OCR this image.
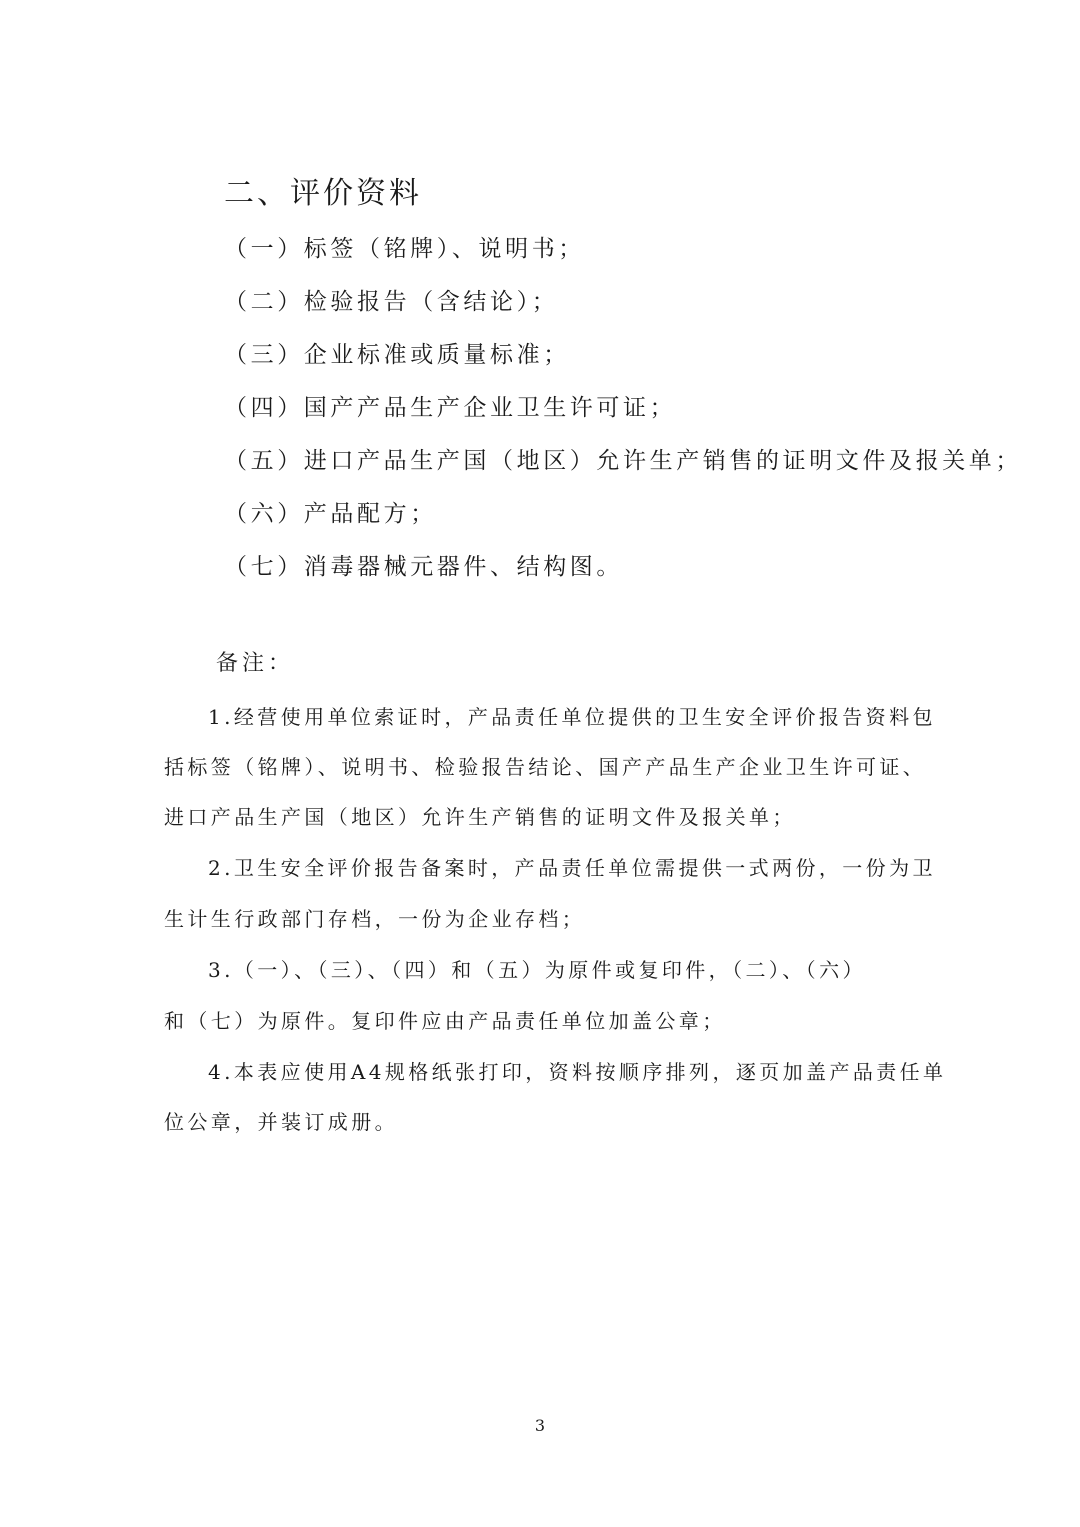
二、评价资料
（一）标签（铭牌）、说明书；
（二）检验报告（含结论）；
（三）企业标准或质量标准；
（四）国产产品生产企业卫生许可证；
（五）进口产品生产国（地区）允许生产销售的证明文件及报关单；
（六）产品配方；
（七）消毒器械元器件、结构图。
备注：
1.经营使用单位索证时，产品责任单位提供的卫生安全评价报告资料包
括标签（铭牌）、说明书、检验报告结论、国产产品生产企业卫生许可证、
进口产品生产国（地区）允许生产销售的证明文件及报关单；
2.卫生安全评价报告备案时，产品责任单位需提供一式两份，一份为卫
生计生行政部门存档，一份为企业存档；
3.（一）、（三）、（四）和（五）为原件或复印件，（二）、（六）
和（七）为原件。复印件应由产品责任单位加盖公章；
4.本表应使用A4规格纸张打印，资料按顺序排列，逐页加盖产品责任单
位公章，并装订成册。
3
